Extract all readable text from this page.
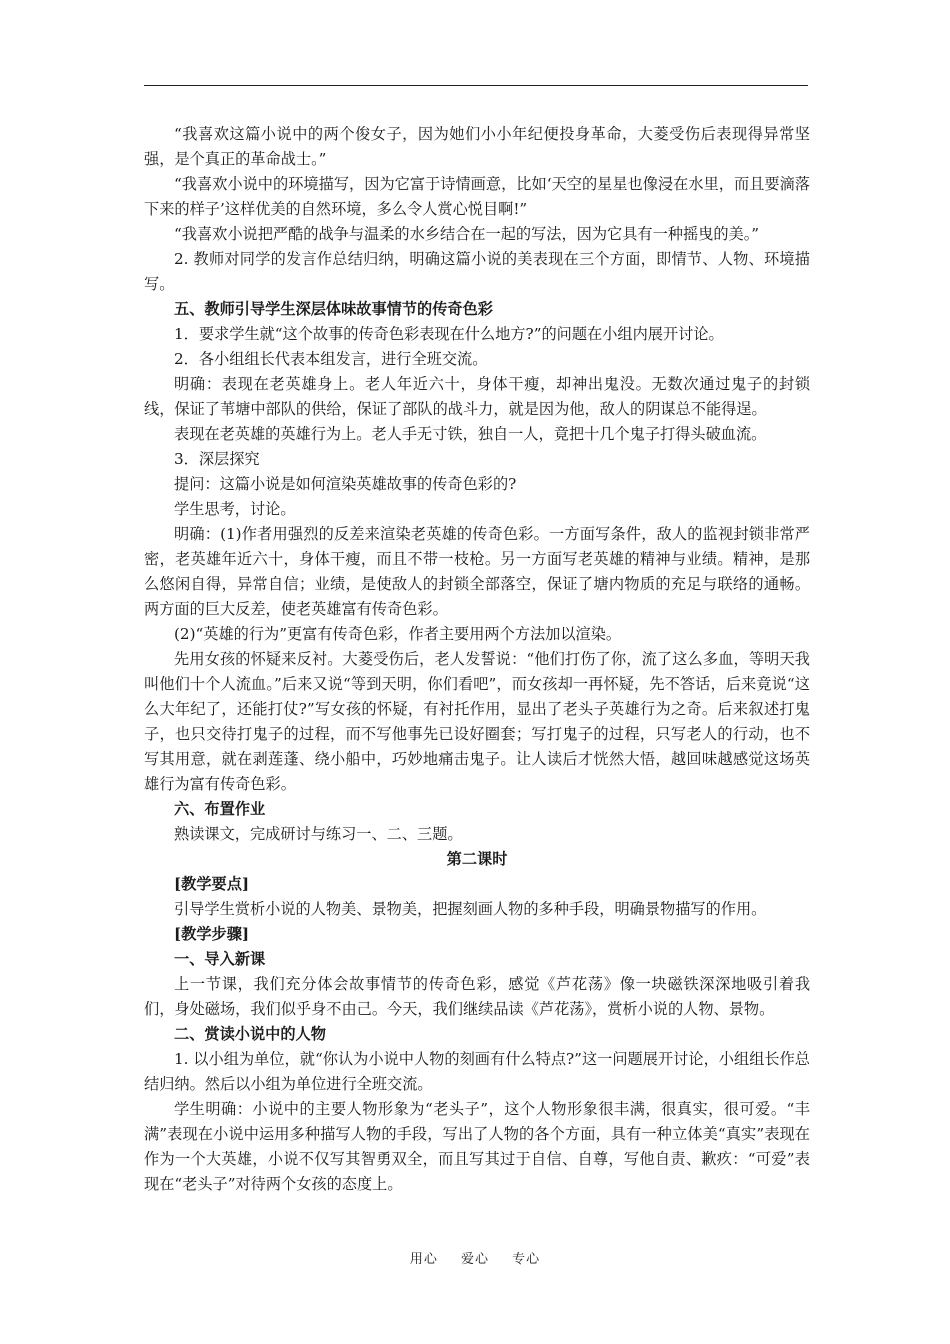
“我喜欢这篇小说中的两个俊女子，因为她们小小年纪便投身革命，大菱受伤后表现得异常坚强，是个真正的革命战士。”

“我喜欢小说中的环境描写，因为它富于诗情画意，比如‘天空的星星也像浸在水里，而且要滴落下来的样子’这样优美的自然环境，多么令人赏心悦目啊!”

“我喜欢小说把严酷的战争与温柔的水乡结合在一起的写法，因为它具有一种摇曳的美。”

2. 教师对同学的发言作总结归纳，明确这篇小说的美表现在三个方面，即情节、人物、环境描写。

五、教师引导学生深层体味故事情节的传奇色彩

1．要求学生就“这个故事的传奇色彩表现在什么地方?”的问题在小组内展开讨论。

2．各小组组长代表本组发言，进行全班交流。

明确：表现在老英雄身上。老人年近六十，身体干瘦，却神出鬼没。无数次通过鬼子的封锁线，保证了苇塘中部队的供给，保证了部队的战斗力，就是因为他，敌人的阴谋总不能得逞。

表现在老英雄的英雄行为上。老人手无寸铁，独自一人，竟把十几个鬼子打得头破血流。

3．深层探究

提问：这篇小说是如何渲染英雄故事的传奇色彩的?

学生思考，讨论。

明确：(1)作者用强烈的反差来渲染老英雄的传奇色彩。一方面写条件，敌人的监视封锁非常严密，老英雄年近六十，身体干瘦，而且不带一枝枪。另一方面写老英雄的精神与业绩。精神，是那么悠闲自得，异常自信；业绩，是使敌人的封锁全部落空，保证了塘内物质的充足与联络的通畅。两方面的巨大反差，使老英雄富有传奇色彩。

(2)“英雄的行为”更富有传奇色彩，作者主要用两个方法加以渲染。

先用女孩的怀疑来反衬。大菱受伤后，老人发誓说：“他们打伤了你，流了这么多血，等明天我叫他们十个人流血。”后来又说“等到天明，你们看吧”，而女孩却一再怀疑，先不答话，后来竟说“这么大年纪了，还能打仗?”写女孩的怀疑，有衬托作用，显出了老头子英雄行为之奇。后来叙述打鬼子，也只交待打鬼子的过程，而不写他事先已设好圈套；写打鬼子的过程，只写老人的行动，也不写其用意，就在剥莲蓬、绕小船中，巧妙地痛击鬼子。让人读后才恍然大悟，越回味越感觉这场英雄行为富有传奇色彩。

六、布置作业

熟读课文，完成研讨与练习一、二、三题。

第二课时

[教学要点]

引导学生赏析小说的人物美、景物美，把握刻画人物的多种手段，明确景物描写的作用。

[教学步骤]

一、导入新课

上一节课，我们充分体会故事情节的传奇色彩，感觉《芦花荡》像一块磁铁深深地吸引着我们，身处磁场，我们似乎身不由己。今天，我们继续品读《芦花荡》，赏析小说的人物、景物。

二、赏读小说中的人物

1. 以小组为单位，就“你认为小说中人物的刻画有什么特点?”这一问题展开讨论，小组组长作总结归纳。然后以小组为单位进行全班交流。

学生明确：小说中的主要人物形象为“老头子”，这个人物形象很丰满，很真实，很可爱。“丰满”表现在小说中运用多种描写人物的手段，写出了人物的各个方面，具有一种立体美“真实”表现在作为一个大英雄，小说不仅写其智勇双全，而且写其过于自信、自尊，写他自责、歉疚：“可爱”表现在“老头子”对待两个女孩的态度上。

用心 爱心 专心
